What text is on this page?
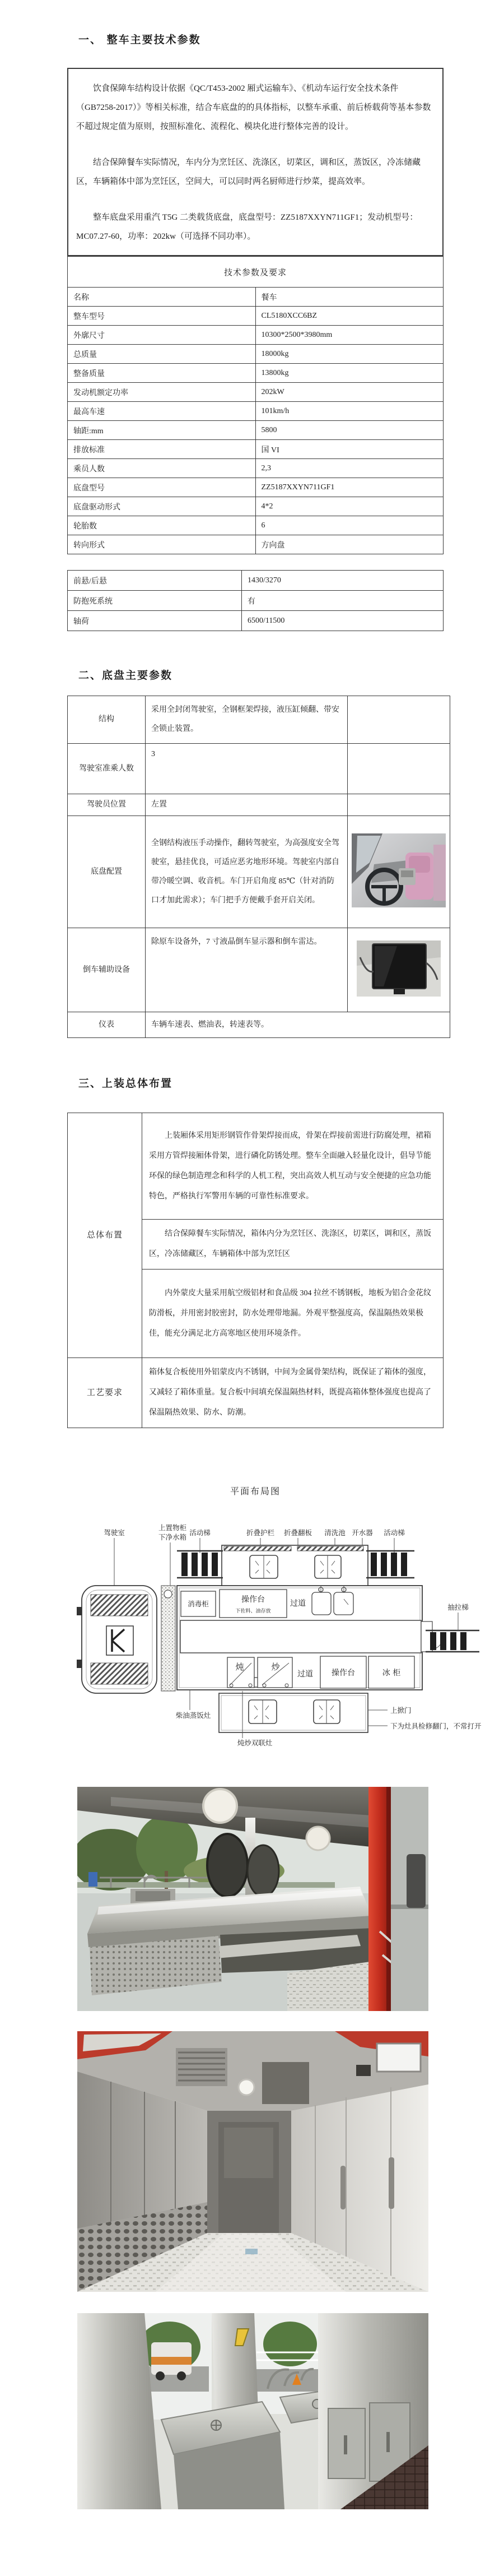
一、 整车主要技术参数

饮食保障车结构设计依据《QC/T453-2002 厢式运输车》、《机动车运行安全技术条件（GB7258-2017）》等相关标准，结合车底盘的的具体指标，以整车承重、前后桥载荷等基本参数不超过规定值为原则，按照标准化、流程化、模块化进行整体完善的设计。

结合保障餐车实际情况，车内分为烹饪区、洗涤区，切菜区，调和区，蒸饭区，冷冻储藏区，车辆箱体中部为烹饪区，空间大，可以同时两名厨师进行炒菜，提高效率。

整车底盘采用重汽 T5G 二类载货底盘，底盘型号：ZZ5187XXYN711GF1；发动机型号：MC07.27-60，功率：202kw（可选择不同功率）。

技术参数及要求	
名称	餐车
整车型号	CL5180XCC6BZ
外廓尺寸	10300*2500*3980mm
总质量	18000kg
整备质量	13800kg
发动机额定功率	202kW
最高车速	101km/h
轴距:mm	5800
排放标准	国 VI
乘员人数	2,3
底盘型号	ZZ5187XXYN711GF1
底盘驱动形式	4*2
轮胎数	6
转向形式	方向盘
前悬/后悬	1430/3270
防抱死系统	有
轴荷	6500/11500
二、底盘主要参数
结构	采用全封闭驾驶室，全钢框架焊接，液压缸倾翻、带安全锁止装置。	
驾驶室准乘人数	3	
驾驶员位置	左置	
底盘配置	全钢结构液压手动操作，翻转驾驶室，为高强度安全驾驶室，悬挂优良，可适应恶劣地形环境。驾驶室内部自带冷暖空调、收音机。车门开启角度 85℃（针对消防口才加此需求）；车门把手方便戴手套开启关闭。	
倒车辅助设备	除原车设备外，7 寸液晶倒车显示器和倒车雷达。	
仪表	车辆车速表、燃油表，转速表等。	
三、上装总体布置
总体布置	上装厢体采用矩形钢管作骨架焊接而成，骨架在焊接前需进行防腐处理，裙箱采用方管焊接厢体骨架，进行磷化防锈处理。整车全面融入轻量化设计，倡导节能环保的绿色制造理念和科学的人机工程，突出高效人机互动与安全便捷的应急功能特色，严格执行军警用车辆的可靠性标准要求。

	结合保障餐车实际情况，箱体内分为烹饪区、洗涤区，切菜区，调和区，蒸饭区，冷冻储藏区，车辆箱体中部为烹饪区

	内外蒙皮大量采用航空级铝材和食品级 304 拉丝不锈钢板，地板为铝合金花纹防滑板，并用密封胶密封，防水处理带地漏。外观平整强度高，保温隔热效果极佳，能充分满足北方高寒地区使用环境条件。

工艺要求	箱体复合板使用外铝蒙皮内不锈钢，中间为金属骨架结构，既保证了箱体的强度，又减轻了箱体重量。复合板中间填充保温隔热材料，既提高箱体整体强度也提高了保温隔热效果、防水、防潮。
平面布局图
驾驶室
上置物柜
下净水箱
活动梯	折叠护栏 折叠翻板 清洗池 开水器 活动梯
消毒柜	操作台
下佐料、油存放
过道
炖	炒
过道 操作台	冰 柜
抽拉梯
柴油蒸饭灶
炖炒双联灶
上掀门
下为灶具检修翻门，不常打开
